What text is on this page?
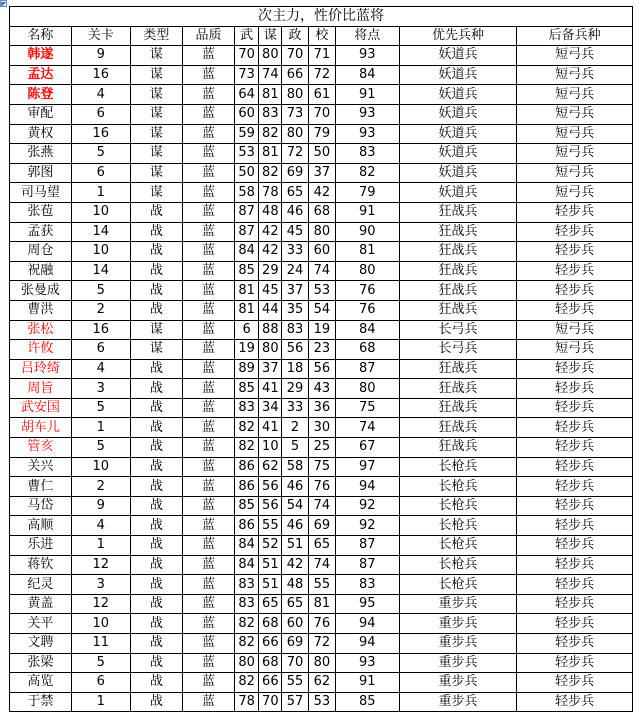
◤
次主力，性价比蓝将										
名称	关卡	类型	品质	武	谋	政	校	将点	优先兵种	后备兵种
韩遂	9	谋	蓝	70	80	70	71	93	妖道兵	短弓兵
孟达	16	谋	蓝	73	74	66	72	84	妖道兵	短弓兵
陈登	4	谋	蓝	64	81	80	61	91	妖道兵	短弓兵
审配	6	谋	蓝	60	83	73	70	93	妖道兵	短弓兵
黄权	16	谋	蓝	59	82	80	79	93	妖道兵	短弓兵
张燕	5	谋	蓝	53	81	72	50	83	妖道兵	短弓兵
郭图	6	谋	蓝	50	82	69	37	82	妖道兵	短弓兵
司马望	1	谋	蓝	58	78	65	42	79	妖道兵	短弓兵
张苞	10	战	蓝	87	48	46	68	91	狂战兵	轻步兵
孟获	14	战	蓝	87	42	45	80	90	狂战兵	轻步兵
周仓	10	战	蓝	84	42	33	60	81	狂战兵	轻步兵
祝融	14	战	蓝	85	29	24	74	80	狂战兵	轻步兵
张曼成	5	战	蓝	81	45	37	53	76	狂战兵	轻步兵
曹洪	2	战	蓝	81	44	35	54	76	狂战兵	轻步兵
张松	16	谋	蓝	6	88	83	19	84	长弓兵	短弓兵
许攸	6	谋	蓝	19	80	56	23	68	长弓兵	短弓兵
吕玲绮	4	战	蓝	89	37	18	56	87	狂战兵	轻步兵
周旨	3	战	蓝	85	41	29	43	80	狂战兵	轻步兵
武安国	5	战	蓝	83	34	33	36	75	狂战兵	轻步兵
胡车儿	1	战	蓝	82	41	2	30	74	狂战兵	轻步兵
管亥	5	战	蓝	82	10	5	25	67	狂战兵	轻步兵
关兴	10	战	蓝	86	62	58	75	97	长枪兵	轻步兵
曹仁	2	战	蓝	86	56	46	76	94	长枪兵	轻步兵
马岱	9	战	蓝	85	56	54	74	92	长枪兵	轻步兵
高顺	4	战	蓝	86	55	46	69	92	长枪兵	轻步兵
乐进	1	战	蓝	84	52	51	65	87	长枪兵	轻步兵
蒋钦	12	战	蓝	84	51	42	74	87	长枪兵	轻步兵
纪灵	3	战	蓝	83	51	48	55	83	长枪兵	轻步兵
黄盖	12	战	蓝	83	65	65	81	95	重步兵	轻步兵
关平	10	战	蓝	82	68	60	76	94	重步兵	轻步兵
文聘	11	战	蓝	82	66	69	72	94	重步兵	轻步兵
张梁	5	战	蓝	80	68	70	80	93	重步兵	轻步兵
高览	6	战	蓝	82	66	55	62	91	重步兵	轻步兵
于禁	1	战	蓝	78	70	57	53	85	重步兵	轻步兵
